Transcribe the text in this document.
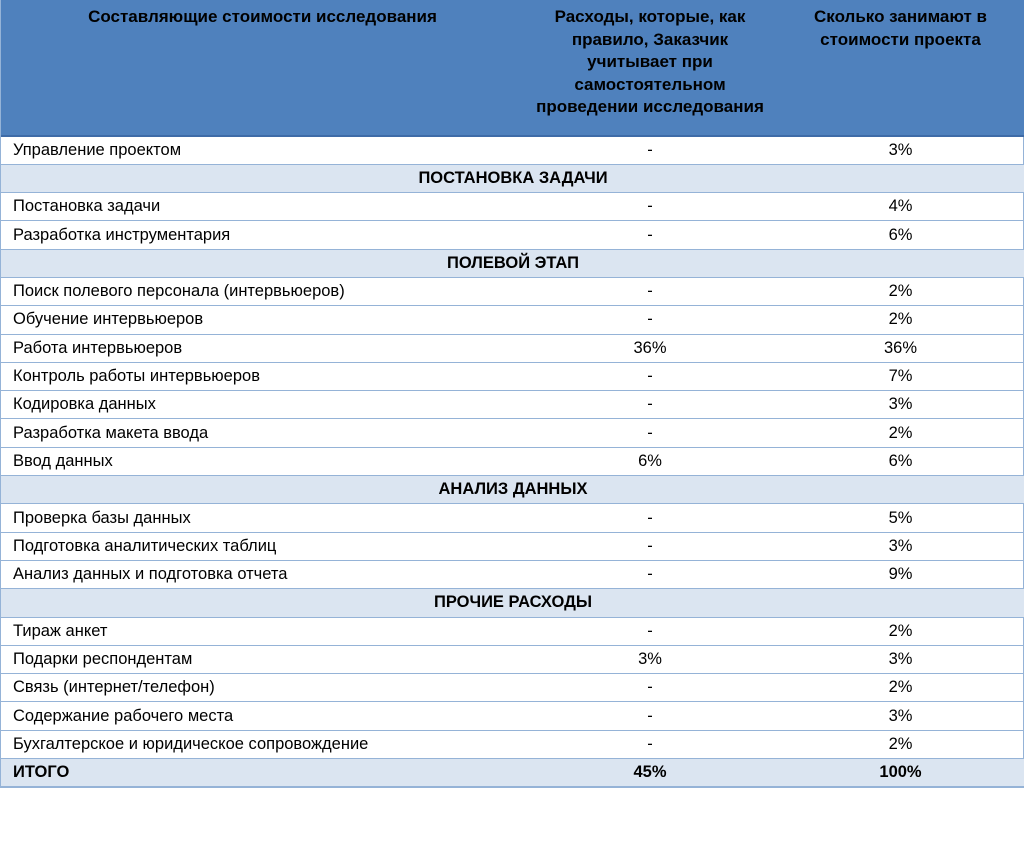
Составляющие стоимости исследования	Расходы, которые, как правило, Заказчик учитывает при самостоятельном проведении исследования	Сколько занимают в стоимости проекта
Управление проектом	-	3%
ПОСТАНОВКА ЗАДАЧИ		
Постановка задачи	-	4%
Разработка инструментария	-	6%
ПОЛЕВОЙ ЭТАП		
Поиск полевого персонала (интервьюеров)	-	2%
Обучение интервьюеров	-	2%
Работа интервьюеров	36%	36%
Контроль работы интервьюеров	-	7%
Кодировка данных	-	3%
Разработка макета ввода	-	2%
Ввод данных	6%	6%
АНАЛИЗ ДАННЫХ		
Проверка базы данных	-	5%
Подготовка аналитических таблиц	-	3%
Анализ данных и подготовка отчета	-	9%
ПРОЧИЕ РАСХОДЫ		
Тираж анкет	-	2%
Подарки респондентам	3%	3%
Связь (интернет/телефон)	-	2%
Содержание рабочего места	-	3%
Бухгалтерское и юридическое сопровождение	-	2%
ИТОГО	45%	100%
